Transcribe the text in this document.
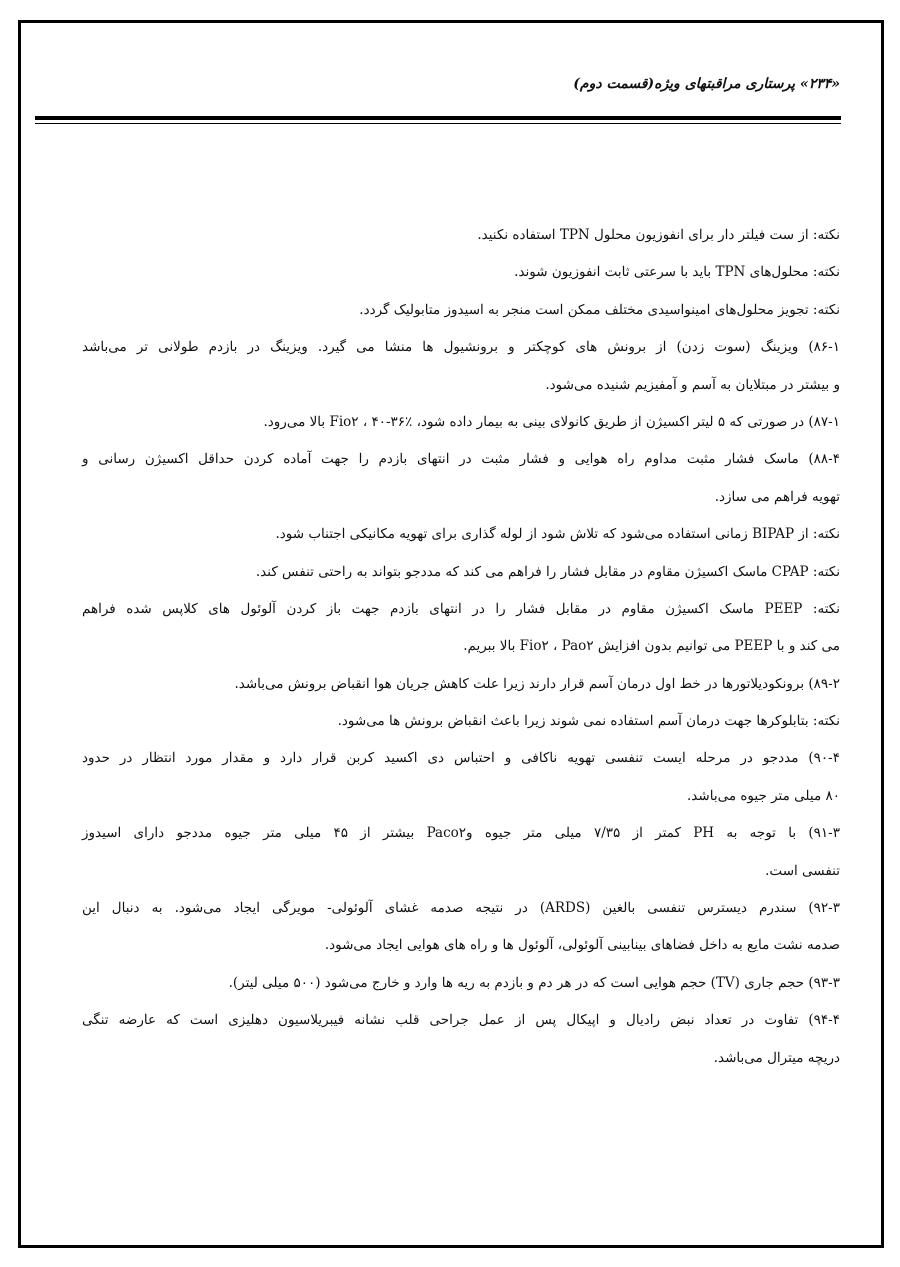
«۲۳۴» پرستاری مراقبتهای ویژه(قسمت دوم)
نکته: از ست فیلتر دار برای انفوزیون محلول TPN استفاده نکنید.
نکته: محلول‌های TPN باید با سرعتی ثابت انفوزیون شوند.
نکته: تجویز محلول‌های امینواسیدی مختلف ممکن است منجر به اسیدوز متابولیک گردد.
۸۶-۱) ویزینگ (سوت زدن) از برونش های کوچکتر و برونشیول ها منشا می گیرد. ویزینگ در بازدم طولانی تر می‌باشد
و بیشتر در مبتلایان به آسم و آمفیزیم شنیده می‌شود.
۸۷-۱) در صورتی که ۵ لیتر اکسیژن از طریق کانولای بینی به بیمار داده شود، Fio۲ ، ۴۰-۳۶٪ بالا می‌رود.
۸۸-۴) ماسک فشار مثبت مداوم راه هوایی و فشار مثبت در انتهای بازدم را جهت آماده کردن حداقل اکسیژن رسانی و
تهویه فراهم می سازد.
نکته: از BIPAP زمانی استفاده می‌شود که تلاش شود از لوله گذاری برای تهویه مکانیکی اجتناب شود.
نکته: CPAP ماسک اکسیژن مقاوم در مقابل فشار را فراهم می کند که مددجو بتواند به راحتی تنفس کند.
نکته: PEEP ماسک اکسیژن مقاوم در مقابل فشار را در انتهای بازدم جهت باز کردن آلوئول های کلاپس شده فراهم
می کند و با PEEP می توانیم بدون افزایش Fio۲ ، Pao۲ بالا ببریم.
۸۹-۲) برونکودیلاتورها در خط اول درمان آسم قرار دارند زیرا علت کاهش جریان هوا انقباض برونش می‌باشد.
نکته: بتابلوکرها جهت درمان آسم استفاده نمی شوند زیرا باعث انقباض برونش ها می‌شود.
۹۰-۴) مددجو در مرحله ایست تنفسی تهویه ناکافی و احتباس دی اکسید کربن قرار دارد و مقدار مورد انتظار در حدود
۸۰ میلی متر جیوه می‌باشد.
۹۱-۳) با توجه به PH کمتر از ۷/۳۵ میلی متر جیوه وPaco۲ بیشتر از ۴۵ میلی متر جیوه مددجو دارای اسیدوز
تنفسی است.
۹۲-۳) سندرم دیسترس تنفسی بالغین (ARDS) در نتیجه صدمه غشای آلوئولی- مویرگی ایجاد می‌شود. به دنبال این
صدمه نشت مایع به داخل فضاهای بینابینی آلوئولی، آلوئول ها و راه های هوایی ایجاد می‌شود.
۹۳-۳) حجم جاری (TV) حجم هوایی است که در هر دم و بازدم به ریه ها وارد و خارج می‌شود (۵۰۰ میلی لیتر).
۹۴-۴) تفاوت در تعداد نبض رادیال و اپیکال پس از عمل جراحی قلب نشانه فیبریلاسیون دهلیزی است که عارضه تنگی
دریچه میترال می‌باشد.
